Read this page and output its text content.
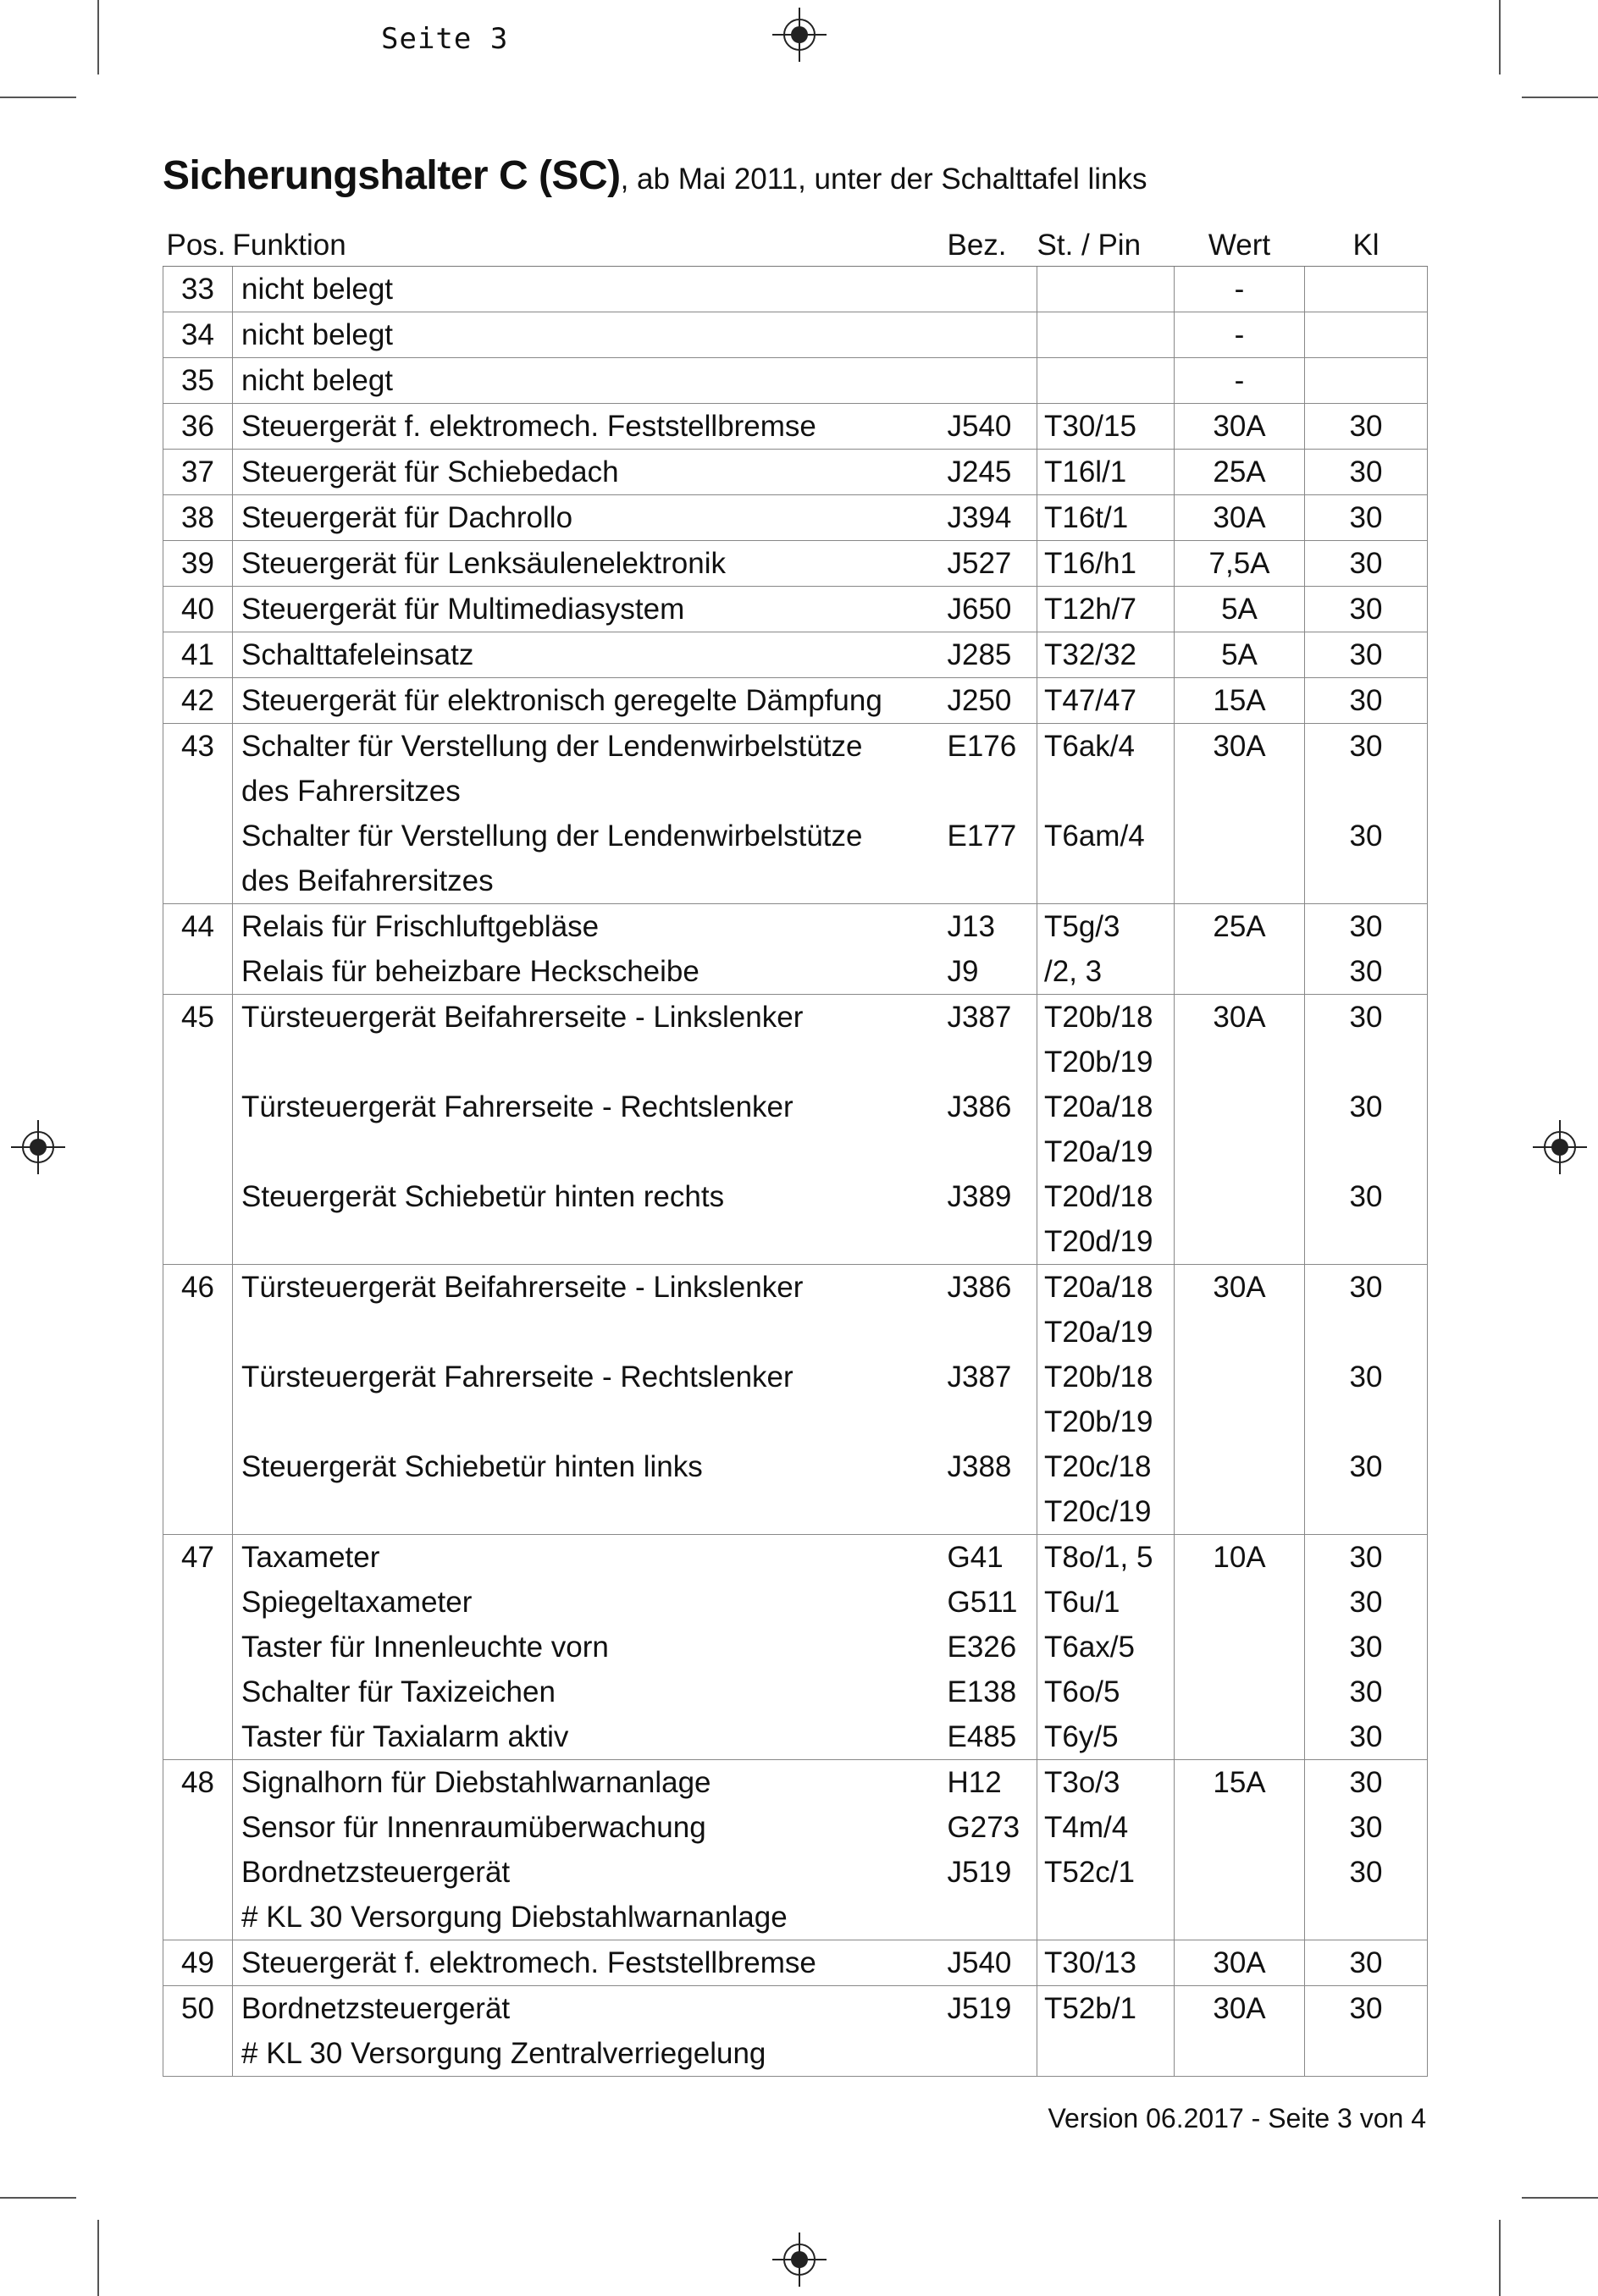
Seite 3
Sicherungshalter C (SC), ab Mai 2011, unter der Schalttafel links
Pos.	Funktion	Bez.	St. / Pin	Wert	Kl
33	nicht belegt			-	
34	nicht belegt			-	
35	nicht belegt			-	
36	Steuergerät f. elektromech. Feststellbremse	J540	T30/15	30A	30
37	Steuergerät für Schiebedach	J245	T16l/1	25A	30
38	Steuergerät für Dachrollo	J394	T16t/1	30A	30
39	Steuergerät für Lenksäulenelektronik	J527	T16/h1	7,5A	30
40	Steuergerät für Multimediasystem	J650	T12h/7	5A	30
41	Schalttafeleinsatz	J285	T32/32	5A	30
42	Steuergerät für elektronisch geregelte Dämpfung	J250	T47/47	15A	30
43	Schalter für Verstellung der Lendenwirbelstütze	E176	T6ak/4	30A	30
	des Fahrersitzes				
	Schalter für Verstellung der Lendenwirbelstütze	E177	T6am/4		30
	des Beifahrersitzes				
44	Relais für Frischluftgebläse	J13	T5g/3	25A	30
	Relais für beheizbare Heckscheibe	J9	/2, 3		30
45	Türsteuergerät Beifahrerseite - Linkslenker	J387	T20b/18	30A	30
			T20b/19		
	Türsteuergerät Fahrerseite - Rechtslenker	J386	T20a/18		30
			T20a/19		
	Steuergerät Schiebetür hinten rechts	J389	T20d/18		30
			T20d/19		
46	Türsteuergerät Beifahrerseite - Linkslenker	J386	T20a/18	30A	30
			T20a/19		
	Türsteuergerät Fahrerseite - Rechtslenker	J387	T20b/18		30
			T20b/19		
	Steuergerät Schiebetür hinten links	J388	T20c/18		30
			T20c/19		
47	Taxameter	G41	T8o/1, 5	10A	30
	Spiegeltaxameter	G511	T6u/1		30
	Taster für Innenleuchte vorn	E326	T6ax/5		30
	Schalter für Taxizeichen	E138	T6o/5		30
	Taster für Taxialarm aktiv	E485	T6y/5		30
48	Signalhorn für Diebstahlwarnanlage	H12	T3o/3	15A	30
	Sensor für Innenraumüberwachung	G273	T4m/4		30
	Bordnetzsteuergerät	J519	T52c/1		30
	# KL 30 Versorgung Diebstahlwarnanlage				
49	Steuergerät f. elektromech. Feststellbremse	J540	T30/13	30A	30
50	Bordnetzsteuergerät	J519	T52b/1	30A	30
	# KL 30 Versorgung Zentralverriegelung				
Version 06.2017 - Seite 3 von 4
